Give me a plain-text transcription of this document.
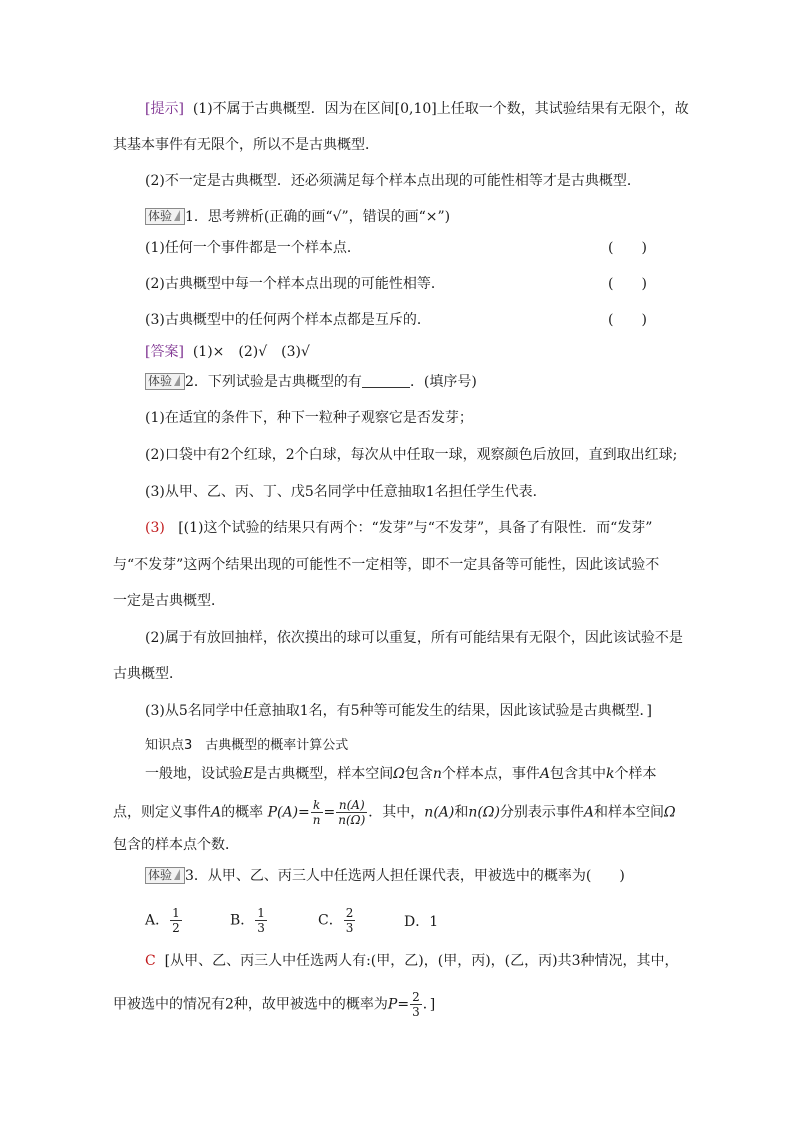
[提示] (1)不属于古典概型．因为在区间[0,10]上任取一个数，其试验结果有无限个，故
其基本事件有无限个，所以不是古典概型．
(2)不一定是古典概型．还必须满足每个样本点出现的可能性相等才是古典概型．
体验 1．思考辨析(正确的画“√”，错误的画“×”)
(1)任何一个事件都是一个样本点．	(　　)
(2)古典概型中每一个样本点出现的可能性相等．	(　　)
(3)古典概型中的任何两个样本点都是互斥的．	(　　)
[答案] (1)×　(2)√　(3)√
体验 2．下列试验是古典概型的有	．(填序号)
(1)在适宜的条件下，种下一粒种子观察它是否发芽；
(2)口袋中有2个红球，2个白球，每次从中任取一球，观察颜色后放回，直到取出红球;
(3)从甲、乙、丙、丁、戊5名同学中任意抽取1名担任学生代表．
(3) [(1)这个试验的结果只有两个：“发芽”与“不发芽”，具备了有限性．而“发芽”
与“不发芽”这两个结果出现的可能性不一定相等，即不一定具备等可能性，因此该试验不
一定是古典概型．
(2)属于有放回抽样，依次摸出的球可以重复，所有可能结果有无限个，因此该试验不是
古典概型．
(3)从5名同学中任意抽取1名，有5种等可能发生的结果，因此该试验是古典概型．]
知识点3　古典概型的概率计算公式
一般地，设试验E是古典概型，样本空间Ω包含n个样本点，事件A包含其中k个样本
点，则定义事件A的概率 $P(A)= \frac{k}{n} = \frac{n(A)}{n(\Omega)}$ ．其中，n(A)和n(Ω)分别表示事件A和样本空间Ω
包含的样本点个数．
体验 3．从甲、乙、丙三人中任选两人担任课代表，甲被选中的概率为(　　)
A． $\frac{1}{2}$	B． $\frac{1}{3}$	C． $\frac{2}{3}$	D．1
C [从甲、乙、丙三人中任选两人有:(甲，乙)，(甲，丙)，(乙，丙)共3种情况，其中，
甲被选中的情况有2种，故甲被选中的概率为$P= \frac{2}{3}$ ．]
